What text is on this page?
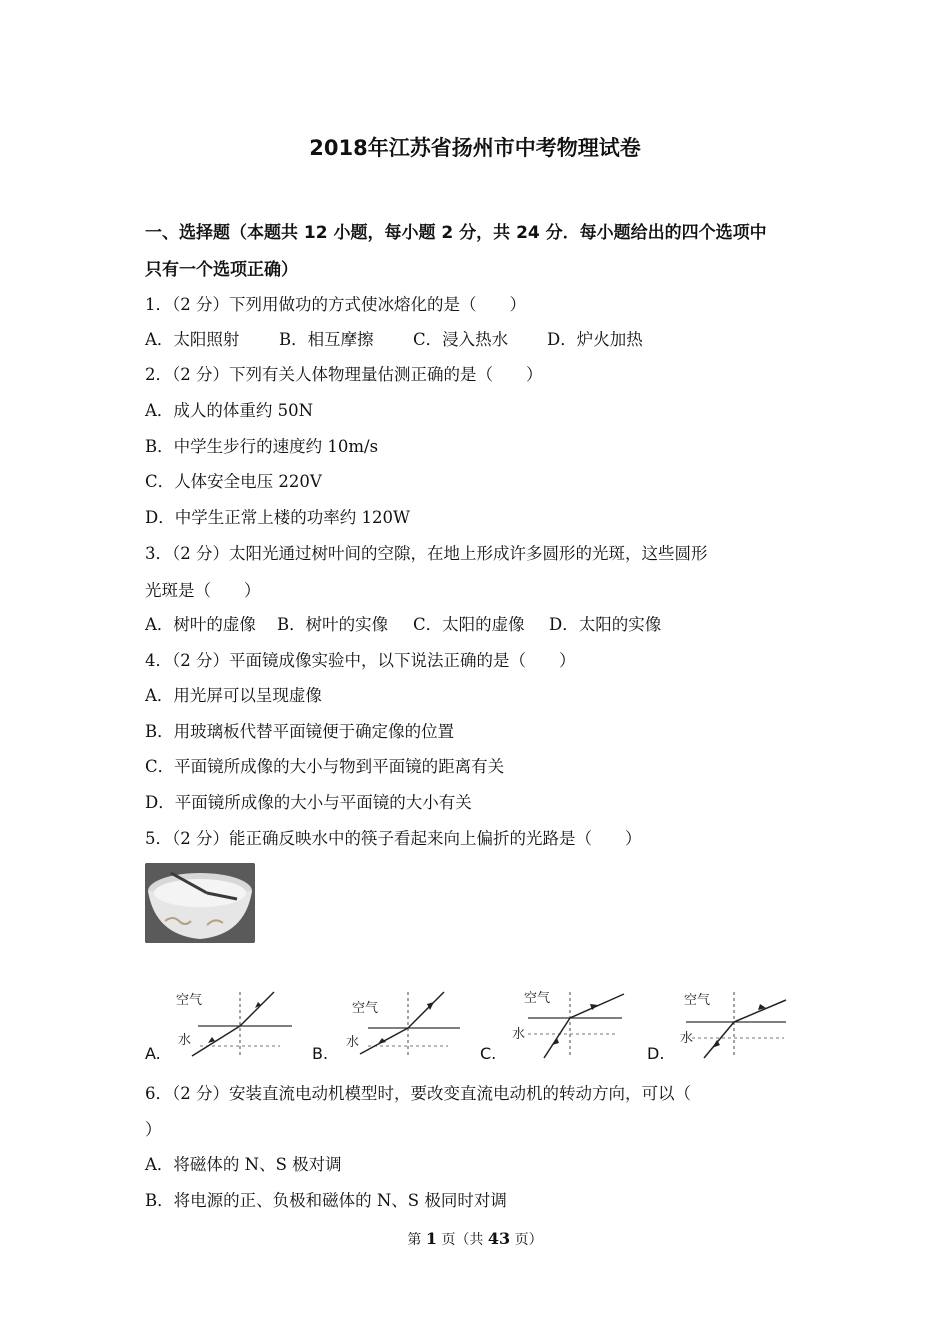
2018年江苏省扬州市中考物理试卷
一、选择题（本题共 12 小题，每小题 2 分，共 24 分．每小题给出的四个选项中
只有一个选项正确）
1．（2 分）下列用做功的方式使冰熔化的是（　　）
A．太阳照射 B．相互摩擦 C．浸入热水 D．炉火加热
2．（2 分）下列有关人体物理量估测正确的是（　　）
A．成人的体重约 50N
B．中学生步行的速度约 10m/s
C．人体安全电压 220V
D．中学生正常上楼的功率约 120W
3．（2 分）太阳光通过树叶间的空隙，在地上形成许多圆形的光斑，这些圆形
光斑是（　　）
A．树叶的虚像 B．树叶的实像 C．太阳的虚像 D．太阳的实像
4．（2 分）平面镜成像实验中，以下说法正确的是（　　）
A．用光屏可以呈现虚像
B．用玻璃板代替平面镜便于确定像的位置
C．平面镜所成像的大小与物到平面镜的距离有关
D．平面镜所成像的大小与平面镜的大小有关
5．（2 分）能正确反映水中的筷子看起来向上偏折的光路是（　　）
A.
空气
水
B.
空气
水
C.
空气
水
D.
空气
水
6．（2 分）安装直流电动机模型时，要改变直流电动机的转动方向，可以（
）
A．将磁体的 N、S 极对调
B．将电源的正、负极和磁体的 N、S 极同时对调
第 1 页（共 43 页）
